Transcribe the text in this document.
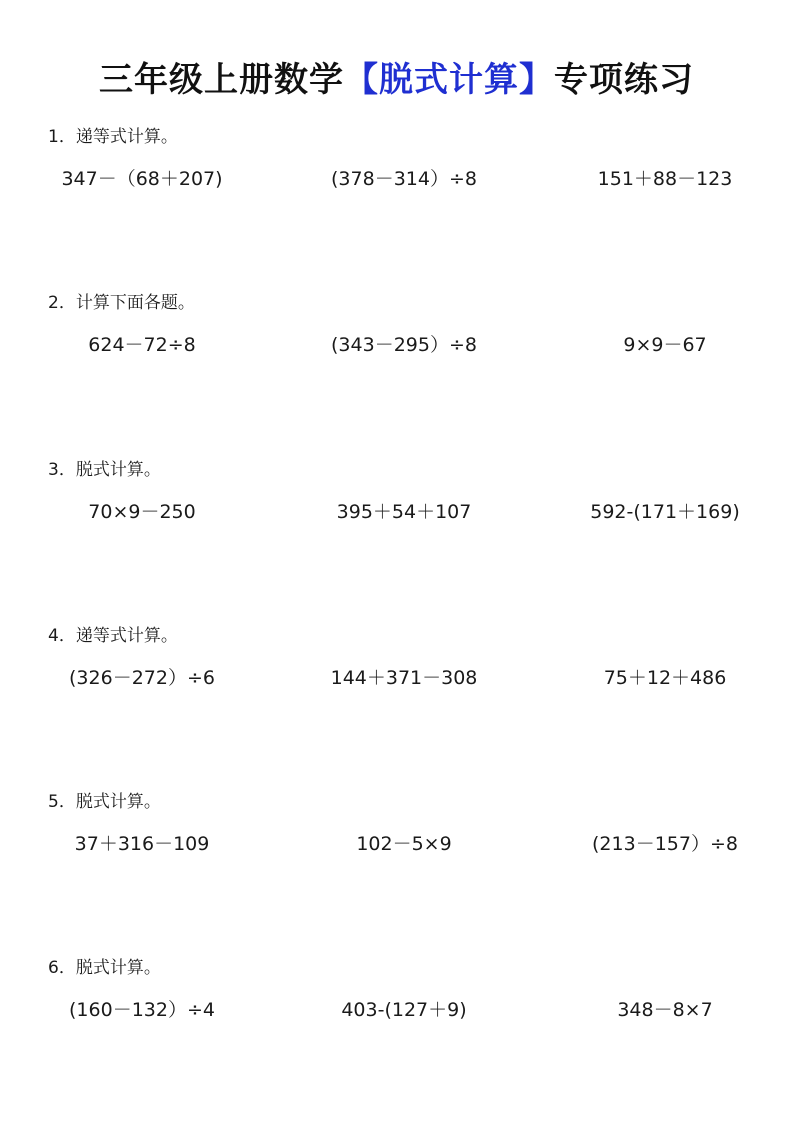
三年级上册数学【脱式计算】专项练习
1．递等式计算。
347－（68＋207)	(378－314）÷8	151＋88－123
2．计算下面各题。
624－72÷8	(343－295）÷8	9×9－67
3．脱式计算。
70×9－250	395＋54＋107	592-(171＋169)
4．递等式计算。
(326－272）÷6	144＋371－308	75＋12＋486
5．脱式计算。
37＋316－109	102－5×9	(213－157）÷8
6．脱式计算。
(160－132）÷4	403-(127＋9)	348－8×7
